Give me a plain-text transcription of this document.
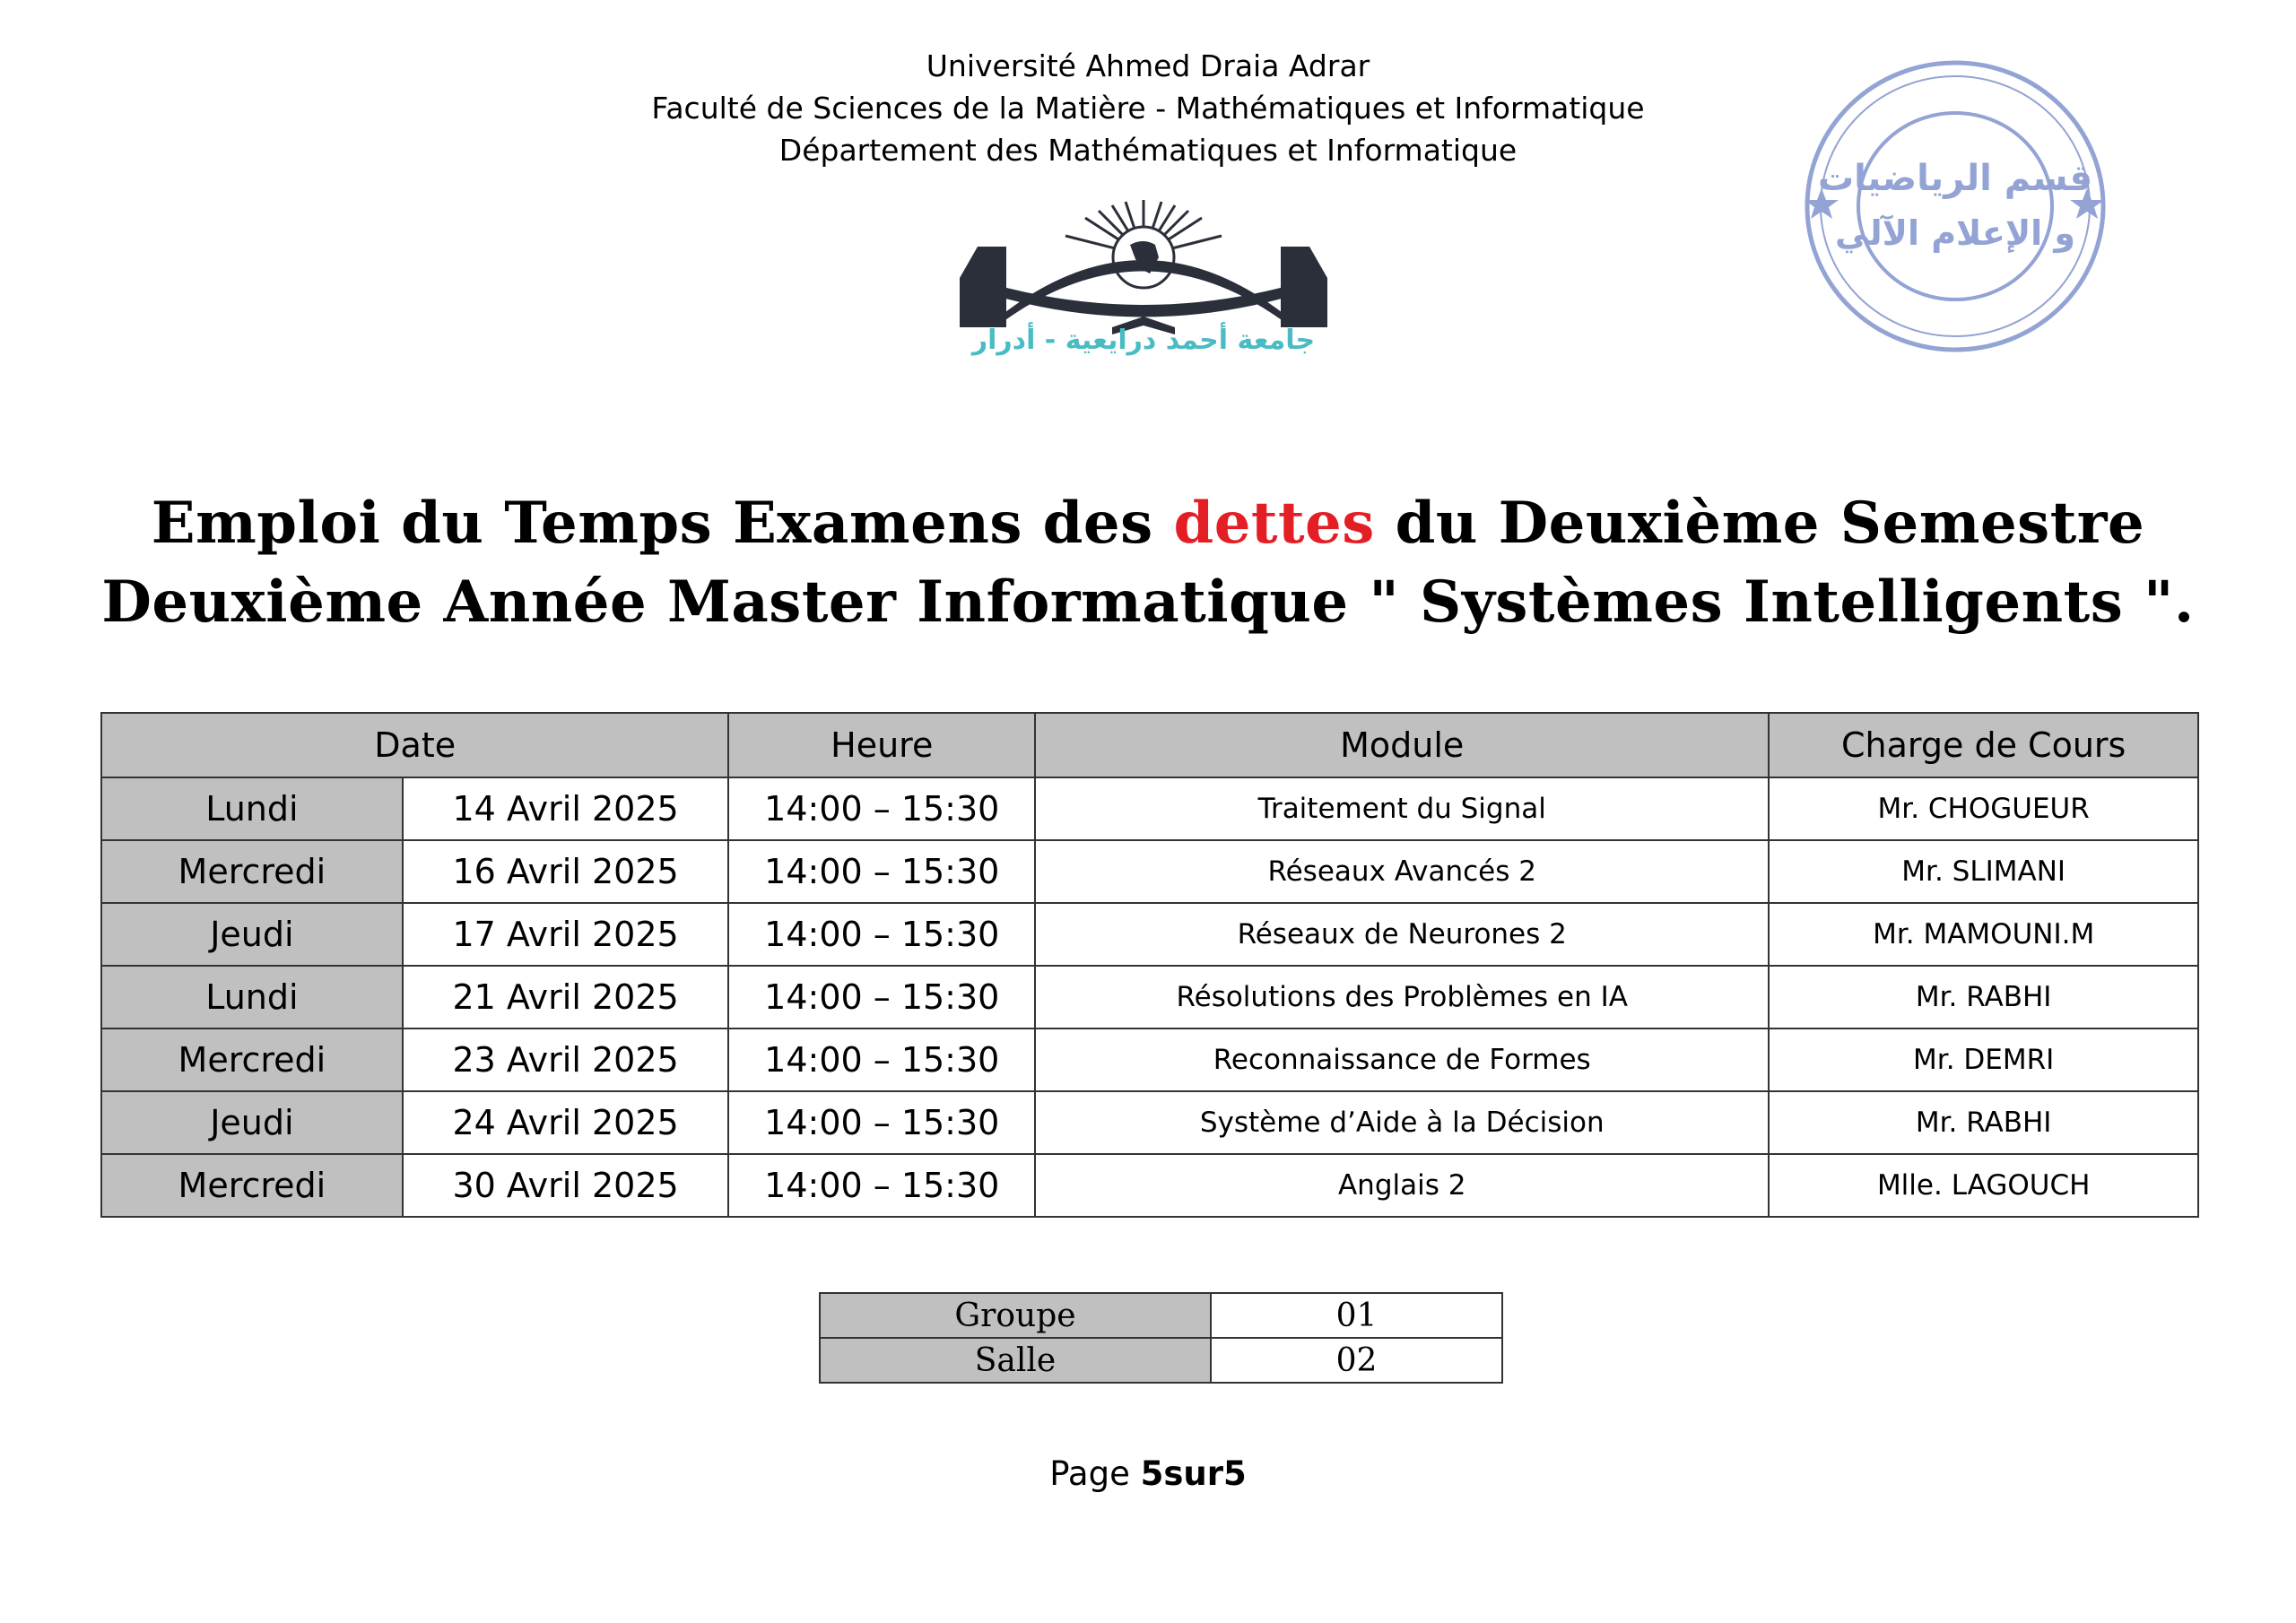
Université Ahmed Draia Adrar
Faculté de Sciences de la Matière - Mathématiques et Informatique
Département des Mathématiques et Informatique
جامعة أحمد درايعية - أدرار
قسم الرياضيات
و الإعلام الآلي
Emploi du Temps Examens des dettes du Deuxième Semestre
Deuxième Année Master Informatique " Systèmes Intelligents ".
Date		Heure	Module	Charge de Cours
Lundi	14 Avril 2025	14:00 – 15:30	Traitement du Signal	Mr. CHOGUEUR
Mercredi	16 Avril 2025	14:00 – 15:30	Réseaux Avancés 2	Mr. SLIMANI
Jeudi	17 Avril 2025	14:00 – 15:30	Réseaux de Neurones 2	Mr. MAMOUNI.M
Lundi	21 Avril 2025	14:00 – 15:30	Résolutions des Problèmes en IA	Mr. RABHI
Mercredi	23 Avril 2025	14:00 – 15:30	Reconnaissance de Formes	Mr. DEMRI
Jeudi	24 Avril 2025	14:00 – 15:30	Système d’Aide à la Décision	Mr. RABHI
Mercredi	30 Avril 2025	14:00 – 15:30	Anglais 2	Mlle. LAGOUCH
Groupe	01
Salle	02
Page 5sur5
